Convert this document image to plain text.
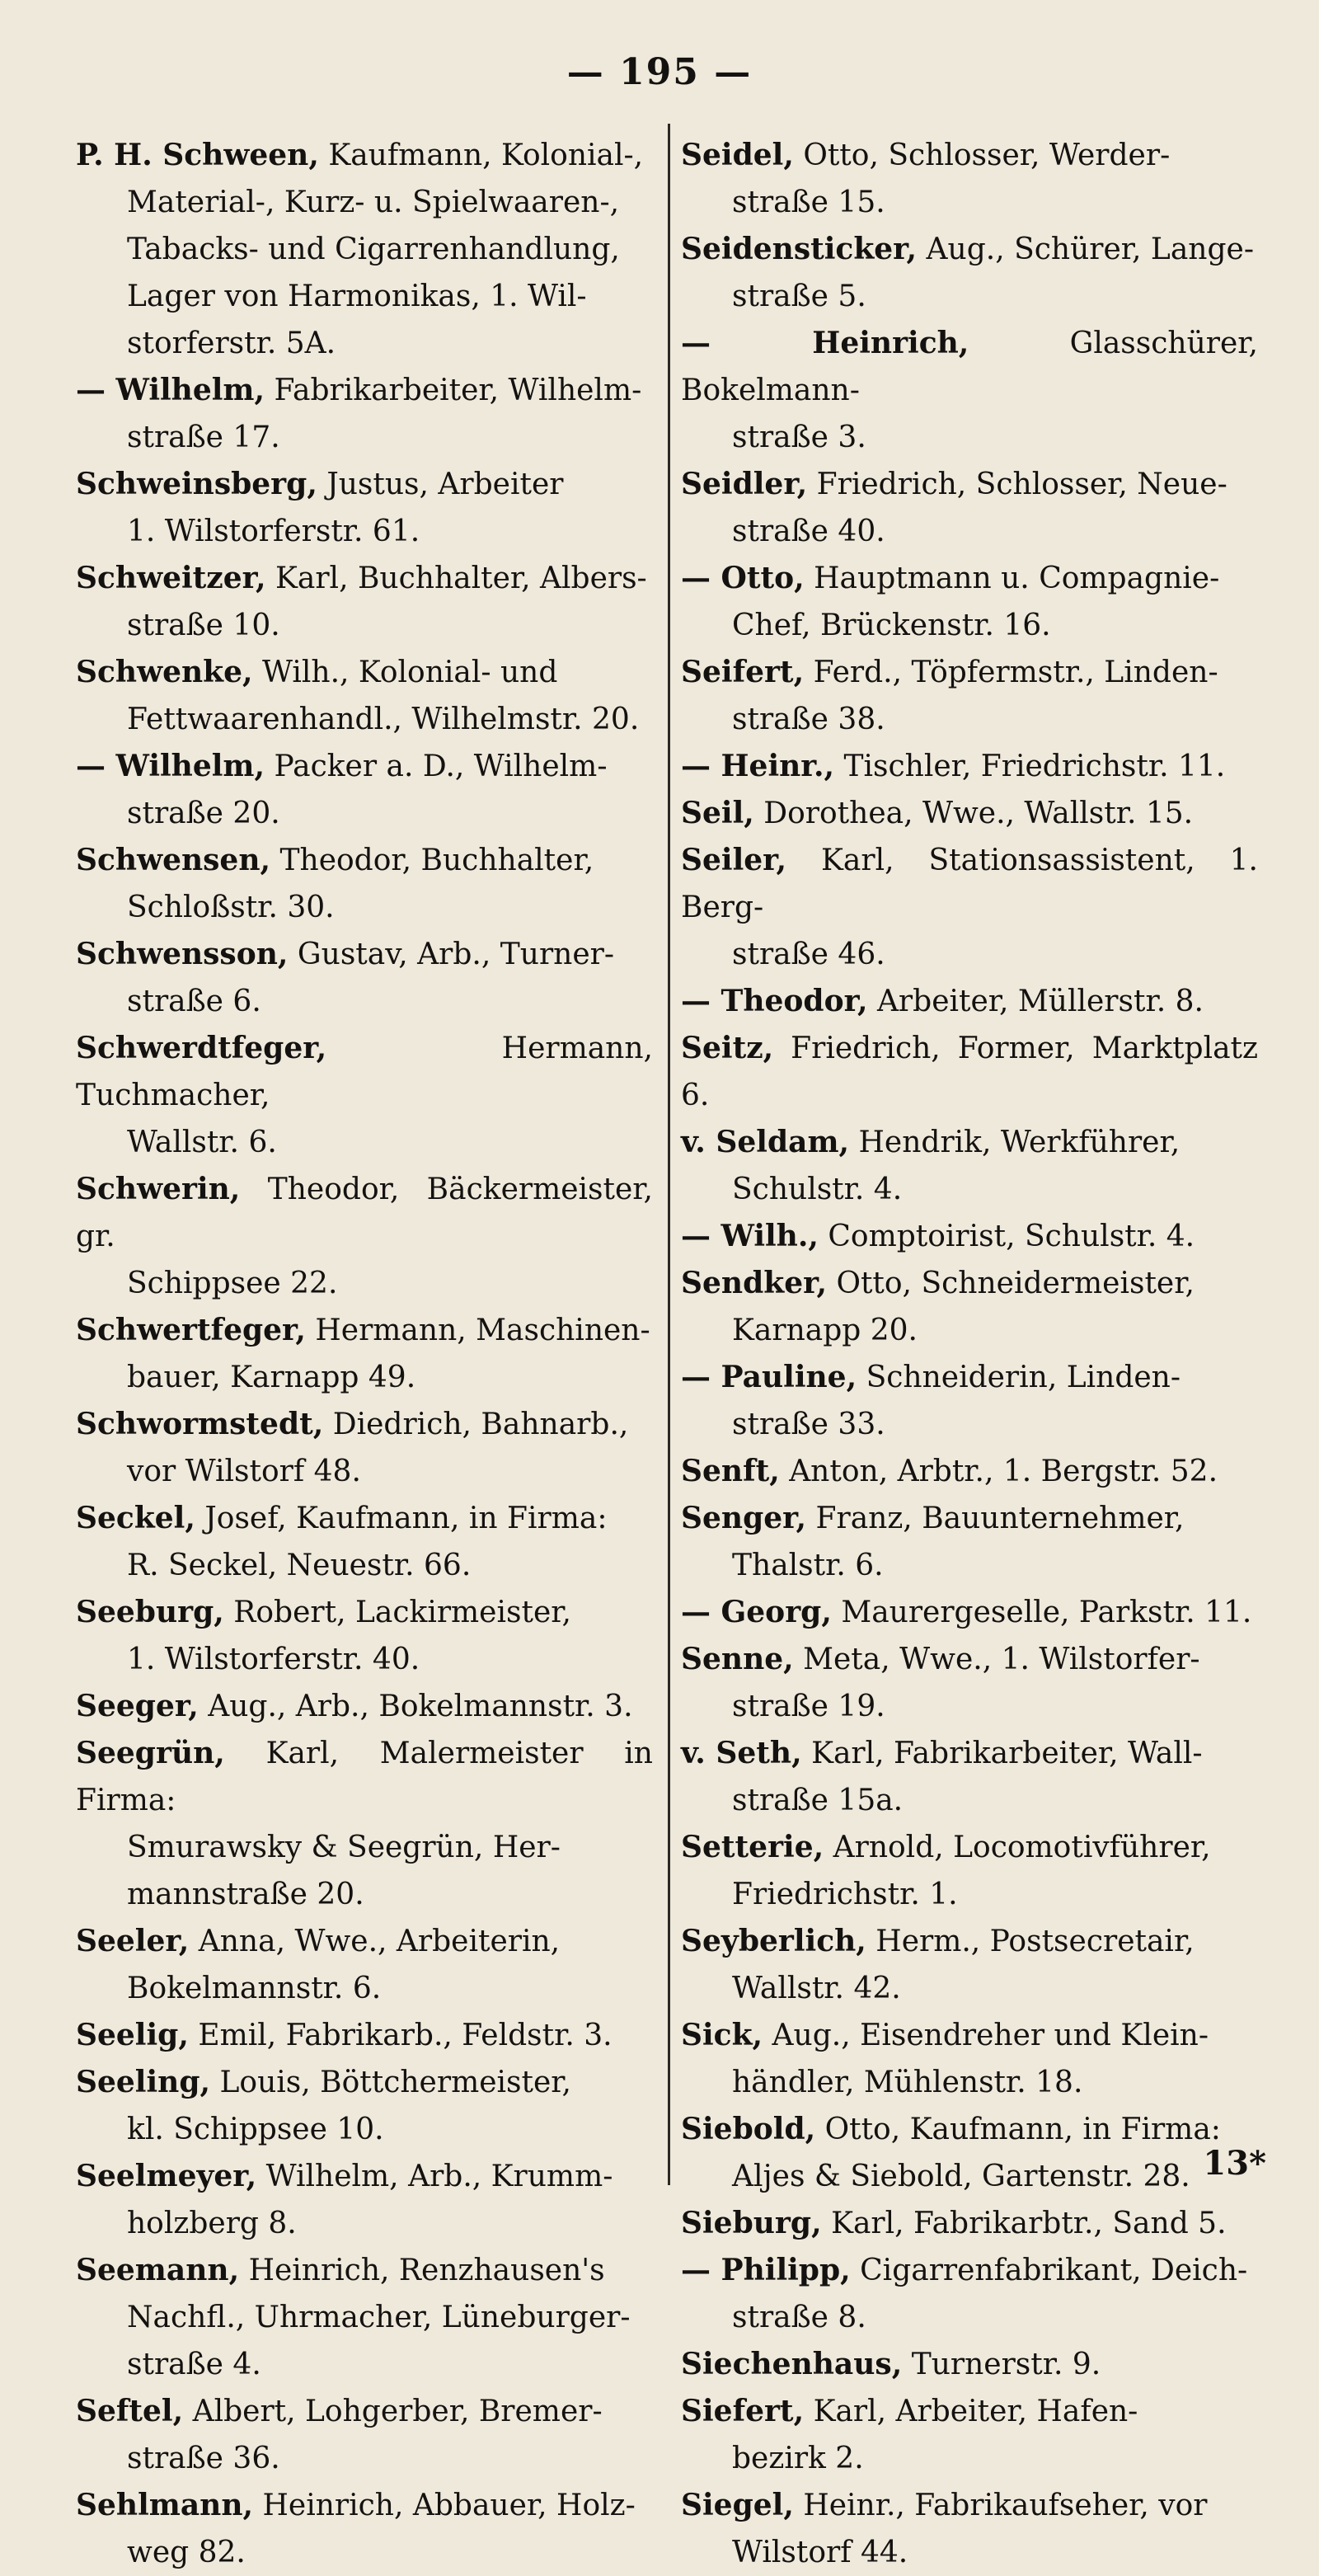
— 195 —
P. H. Schween, Kaufmann, Kolonial-,
Material-, Kurz- u. Spielwaaren-,
Tabacks- und Cigarrenhandlung,
Lager von Harmonikas, 1. Wil-
storferstr. 5A.
— Wilhelm, Fabrikarbeiter, Wilhelm-
straße 17.
Schweinsberg, Justus, Arbeiter
1. Wilstorferstr. 61.
Schweitzer, Karl, Buchhalter, Albers-
straße 10.
Schwenke, Wilh., Kolonial- und
Fettwaarenhandl., Wilhelmstr. 20.
— Wilhelm, Packer a. D., Wilhelm-
straße 20.
Schwensen, Theodor, Buchhalter,
Schloßstr. 30.
Schwensson, Gustav, Arb., Turner-
straße 6.
Schwerdtfeger,	Hermann, Tuchmacher,
Wallstr. 6.
Schwerin, Theodor, Bäckermeister, gr.
Schippsee 22.
Schwertfeger, Hermann, Maschinen-
bauer, Karnapp 49.
Schwormstedt, Diedrich, Bahnarb.,
vor Wilstorf 48.
Seckel, Josef, Kaufmann, in Firma:
R. Seckel, Neuestr. 66.
Seeburg, Robert, Lackirmeister,
1. Wilstorferstr. 40.
Seeger, Aug., Arb., Bokelmannstr. 3.
Seegrün, Karl, Malermeister in Firma:
Smurawsky & Seegrün, Her-
mannstraße 20.
Seeler, Anna, Wwe., Arbeiterin,
Bokelmannstr. 6.
Seelig, Emil, Fabrikarb., Feldstr. 3.
Seeling, Louis, Böttchermeister,
kl. Schippsee 10.
Seelmeyer, Wilhelm, Arb., Krumm-
holzberg 8.
Seemann, Heinrich, Renzhausen's
Nachfl., Uhrmacher, Lüneburger-
straße 4.
Seftel, Albert, Lohgerber, Bremer-
straße 36.
Sehlmann, Heinrich, Abbauer, Holz-
weg 82.
Seidel, Otto, Schlosser, Werder-
straße 15.
Seidensticker, Aug., Schürer, Lange-
straße 5.
— Heinrich,	Glasschürer, Bokelmann-
straße 3.
Seidler, Friedrich, Schlosser, Neue-
straße 40.
— Otto, Hauptmann u. Compagnie-
Chef, Brückenstr. 16.
Seifert, Ferd., Töpfermstr., Linden-
straße 38.
— Heinr., Tischler, Friedrichstr. 11.
Seil, Dorothea, Wwe., Wallstr. 15.
Seiler, Karl, Stationsassistent, 1. Berg-
straße 46.
— Theodor, Arbeiter, Müllerstr. 8.
Seitz, Friedrich, Former, Marktplatz 6.
v. Seldam, Hendrik, Werkführer,
Schulstr. 4.
— Wilh., Comptoirist, Schulstr. 4.
Sendker, Otto, Schneidermeister,
Karnapp 20.
— Pauline, Schneiderin, Linden-
straße 33.
Senft, Anton, Arbtr., 1. Bergstr. 52.
Senger, Franz, Bauunternehmer,
Thalstr. 6.
— Georg, Maurergeselle, Parkstr. 11.
Senne, Meta, Wwe., 1. Wilstorfer-
straße 19.
v. Seth, Karl, Fabrikarbeiter, Wall-
straße 15a.
Setterie, Arnold, Locomotivführer,
Friedrichstr. 1.
Seyberlich, Herm., Postsecretair,
Wallstr. 42.
Sick, Aug., Eisendreher und Klein-
händler, Mühlenstr. 18.
Siebold, Otto, Kaufmann, in Firma:
Aljes & Siebold, Gartenstr. 28.
Sieburg, Karl, Fabrikarbtr., Sand 5.
— Philipp, Cigarrenfabrikant, Deich-
straße 8.
Siechenhaus, Turnerstr. 9.
Siefert, Karl, Arbeiter, Hafen-
bezirk 2.
Siegel, Heinr., Fabrikaufseher, vor
Wilstorf 44.
13*
